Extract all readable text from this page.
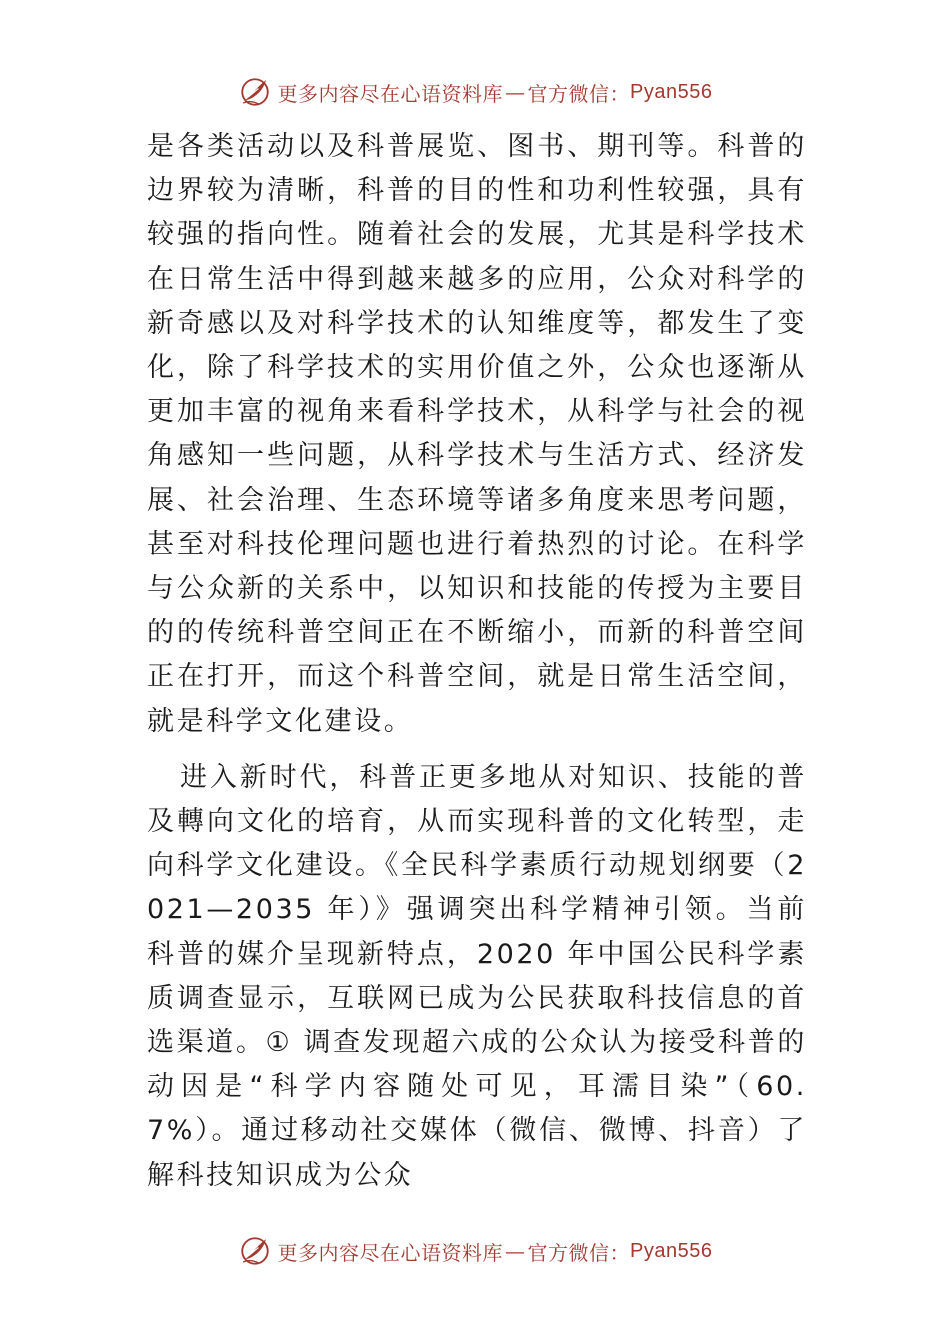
更多内容尽在心语资料库 — 官方微信： Pyan556

是各类活动以及科普展览、图书、期刊等。科普的边界较为清晰，科普的目的性和功利性较强，具有较强的指向性。随着社会的发展，尤其是科学技术在日常生活中得到越来越多的应用，公众对科学的新奇感以及对科学技术的认知维度等，都发生了变化，除了科学技术的实用价值之外，公众也逐渐从更加丰富的视角来看科学技术，从科学与社会的视角感知一些问题，从科学技术与生活方式、经济发展、社会治理、生态环境等诸多角度来思考问题，甚至对科技伦理问题也进行着热烈的讨论。在科学与公众新的关系中，以知识和技能的传授为主要目的的传统科普空间正在不断缩小，而新的科普空间正在打开，而这个科普空间，就是日常生活空间，就是科学文化建设。

进入新时代，科普正更多地从对知识、技能的普及轉向文化的培育，从而实现科普的文化转型，走向科学文化建设。《全民科学素质行动规划纲要（2021—2035 年）》强调突出科学精神引领。当前科普的媒介呈现新特点，2020 年中国公民科学素质调查显示，互联网已成为公民获取科技信息的首选渠道。① 调查发现超六成的公众认为接受科普的动因是“科学内容随处可见，耳濡目染”（60.7%）。通过移动社交媒体（微信、微博、抖音）了解科技知识成为公众

更多内容尽在心语资料库 — 官方微信： Pyan556
